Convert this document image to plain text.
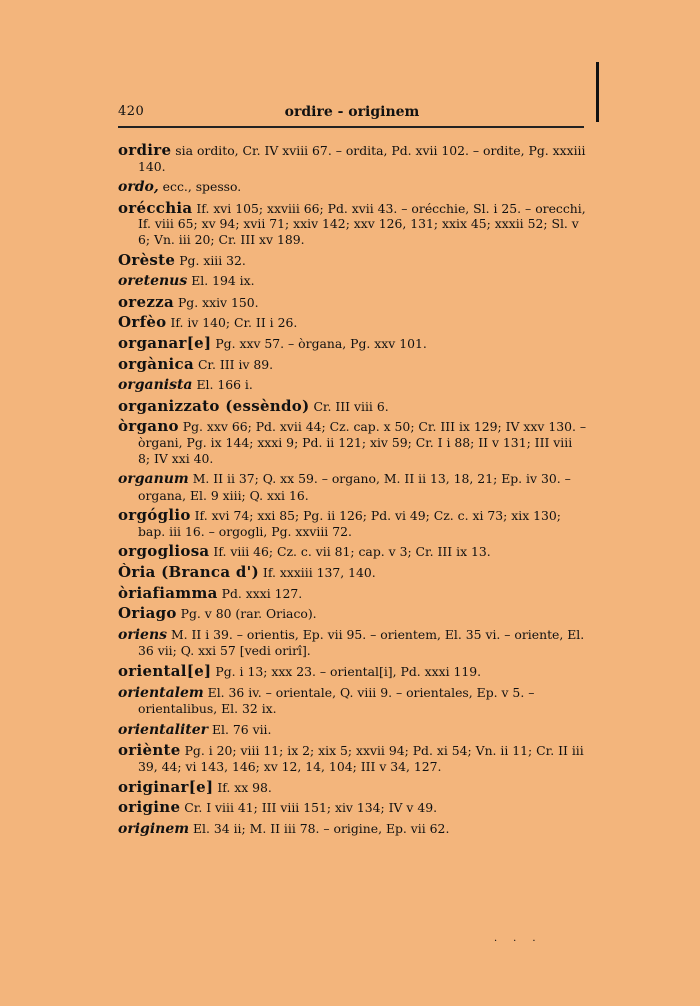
420	ordire - originem
ordire sia ordito, Cr. IV xviii 67. – ordita, Pd. xvii 102. – ordite, Pg. xxxiii 140.
ordo, ecc., spesso.
orécchia If. xvi 105; xxviii 66; Pd. xvii 43. – orécchie, Sl. i 25. – orecchi, If. viii 65; xv 94; xvii 71; xxiv 142; xxv 126, 131; xxix 45; xxxii 52; Sl. v 6; Vn. iii 20; Cr. III xv 189.
Orèste Pg. xiii 32.
oretenus El. 194 ix.
orezza Pg. xxiv 150.
Orfèo If. iv 140; Cr. II i 26.
organar[e] Pg. xxv 57. – òrgana, Pg. xxv 101.
orgànica Cr. III iv 89.
organista El. 166 i.
organizzato (essèndo) Cr. III viii 6.
òrgano Pg. xxv 66; Pd. xvii 44; Cz. cap. x 50; Cr. III ix 129; IV xxv 130. – òrgani, Pg. ix 144; xxxi 9; Pd. ii 121; xiv 59; Cr. I i 88; II v 131; III viii 8; IV xxi 40.
organum M. II ii 37; Q. xx 59. – organo, M. II ii 13, 18, 21; Ep. iv 30. – organa, El. 9 xiii; Q. xxi 16.
orgóglio If. xvi 74; xxi 85; Pg. ii 126; Pd. vi 49; Cz. c. xi 73; xix 130; bap. iii 16. – orgogli, Pg. xxviii 72.
orgogliosa If. viii 46; Cz. c. vii 81; cap. v 3; Cr. III ix 13.
Òria (Branca d') If. xxxiii 137, 140.
òriafiamma Pd. xxxi 127.
Oriago Pg. v 80 (rar. Oriaco).
oriens M. II i 39. – orientis, Ep. vii 95. – orientem, El. 35 vi. – oriente, El. 36 vii; Q. xxi 57 [vedi orirî].
oriental[e] Pg. i 13; xxx 23. – oriental[i], Pd. xxxi 119.
orientalem El. 36 iv. – orientale, Q. viii 9. – orientales, Ep. v 5. – orientalibus, El. 32 ix.
orientaliter El. 76 vii.
oriènte Pg. i 20; viii 11; ix 2; xix 5; xxvii 94; Pd. xi 54; Vn. ii 11; Cr. II iii 39, 44; vi 143, 146; xv 12, 14, 104; III v 34, 127.
originar[e] If. xx 98.
origine Cr. I viii 41; III viii 151; xiv 134; IV v 49.
originem El. 34 ii; M. II iii 78. – origine, Ep. vii 62.
···
